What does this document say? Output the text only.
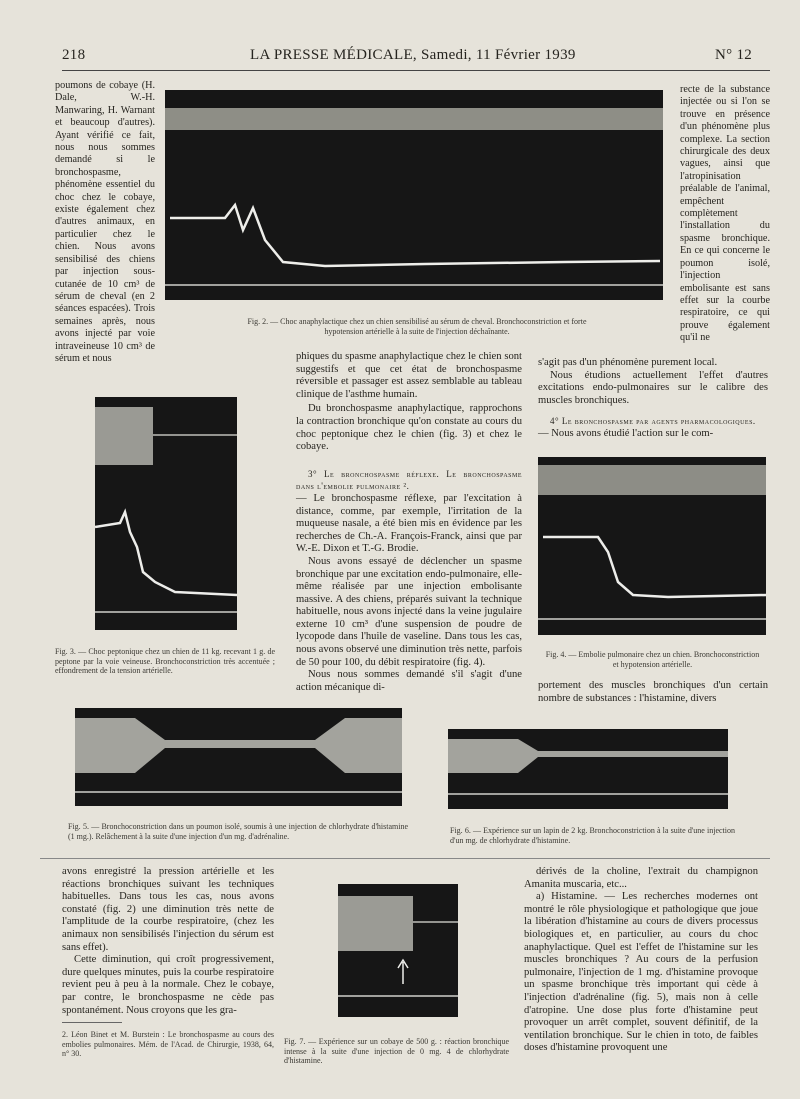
218	LA PRESSE MÉDICALE, Samedi, 11 Février 1939	N° 12
poumons de cobaye (H. Dale, W.-H. Manwaring, H. Warnant et beaucoup d'autres). Ayant vérifié ce fait, nous nous sommes demandé si le bronchospasme, phénomène essentiel du choc chez le cobaye, existe également chez d'autres animaux, en particulier chez le chien. Nous avons sensibilisé des chiens par injection sous-cutanée de 10 cm³ de sérum de cheval (en 2 séances espacées). Trois semaines après, nous avons injecté par voie intraveineuse 10 cm³ de sérum et nous
Fig. 2. — Choc anaphylactique chez un chien sensibilisé au sérum de cheval. Bronchoconstriction et forte hypotension artérielle à la suite de l'injection déchaînante.
recte de la substance injectée ou si l'on se trouve en présence d'un phénomène plus complexe. La section chirurgicale des deux vagues, ainsi que l'atropinisation préalable de l'animal, empêchent complètement l'installation du spasme bronchique. En ce qui concerne le poumon isolé, l'injection embolisante est sans effet sur la courbe respiratoire, ce qui prouve également qu'il ne
Fig. 3. — Choc peptonique chez un chien de 11 kg. recevant 1 g. de peptone par la voie veineuse. Bronchoconstriction très accentuée ; effondrement de la tension artérielle.

phiques du spasme anaphylactique chez le chien sont suggestifs et que cet état de bronchospasme réversible et passager est assez semblable au tableau clinique de l'asthme humain.

Du bronchospasme anaphylactique, rapprochons la contraction bronchique qu'on constate au cours du choc peptonique chez le chien (fig. 3) et chez le cobaye.

3° Le bronchospasme réflexe. Le bronchospasme dans l'embolie pulmonaire ².

— Le bronchospasme réflexe, par l'excitation à distance, comme, par exemple, l'irritation de la muqueuse nasale, a été bien mis en évidence par les recherches de Ch.-A. François-Franck, ainsi que par W.-E. Dixon et T.-G. Brodie.

Nous avons essayé de déclencher un spasme bronchique par une excitation endo-pulmonaire, elle-même réalisée par une injection embolisante massive. A des chiens, préparés suivant la technique habituelle, nous avons injecté dans la veine jugulaire externe 10 cm³ d'une suspension de poudre de lycopode dans l'huile de vaseline. Dans tous les cas, nous avons observé une diminution très nette, parfois de 50 pour 100, du débit respiratoire (fig. 4).

Nous nous sommes demandé s'il s'agit d'une action mécanique di-

s'agit pas d'un phénomène purement local.

Nous étudions actuellement l'effet d'autres excitations endo-pulmonaires sur le calibre des muscles bronchiques.

4° Le bronchospasme par agents pharmacologiques.

— Nous avons étudié l'action sur le com-

Fig. 4. — Embolie pulmonaire chez un chien. Bronchoconstriction et hypotension artérielle.
portement des muscles bronchiques d'un certain nombre de substances : l'histamine, divers
Fig. 5. — Bronchoconstriction dans un poumon isolé, soumis à une injection de chlorhydrate d'histamine (1 mg.). Relâchement à la suite d'une injection d'un mg. d'adrénaline.
Fig. 6. — Expérience sur un lapin de 2 kg. Bronchoconstriction à la suite d'une injection d'un mg. de chlorhydrate d'histamine.

avons enregistré la pression artérielle et les réactions bronchiques suivant les techniques habituelles. Dans tous les cas, nous avons constaté (fig. 2) une diminution très nette de l'amplitude de la courbe respiratoire, (chez les animaux non sensibilisés l'injection du sérum est sans effet).

Cette diminution, qui croît progressivement, dure quelques minutes, puis la courbe respiratoire revient peu à peu à la normale. Chez le cobaye, par contre, le bronchospasme ne cède pas spontanément. Nous croyons que les gra-

2. Léon Binet et M. Burstein : Le bronchospasme au cours des embolies pulmonaires. Mém. de l'Acad. de Chirurgie, 1938, 64, n° 30.
Fig. 7. — Expérience sur un cobaye de 500 g. : réaction bronchique intense à la suite d'une injection de 0 mg. 4 de chlorhydrate d'histamine.

dérivés de la choline, l'extrait du champignon Amanita muscaria, etc...

a) Histamine. — Les recherches modernes ont montré le rôle physiologique et pathologique que joue la libération d'histamine au cours de divers processus biologiques et, en particulier, au cours du choc anaphylactique. Quel est l'effet de l'histamine sur les muscles bronchiques ? Au cours de la perfusion pulmonaire, l'injection de 1 mg. d'histamine provoque un spasme bronchique très important qui cède à l'injection d'adrénaline (fig. 5), mais non à celle d'atropine. Une dose plus forte d'histamine peut provoquer un arrêt complet, souvent définitif, de la ventilation bronchique. Sur le chien in toto, de faibles doses d'histamine provoquent une
